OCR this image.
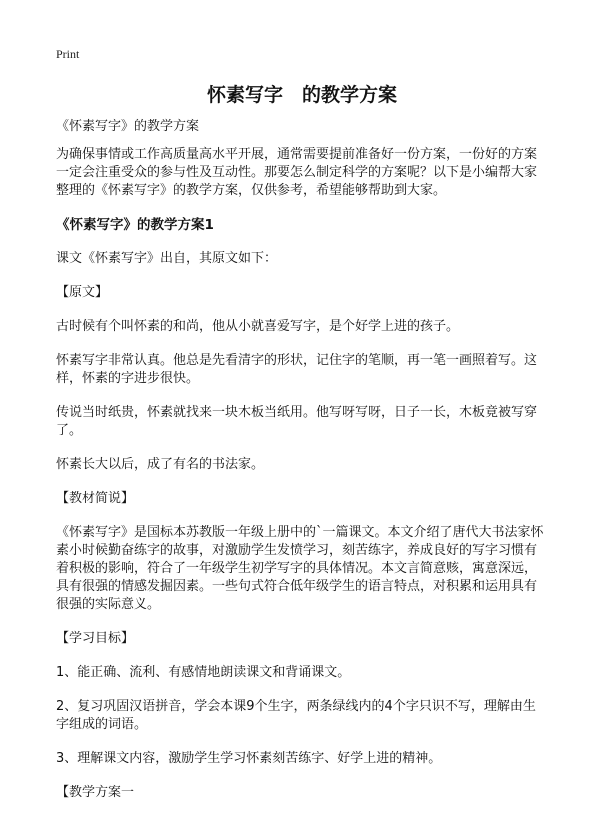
Print
怀素写字　的教学方案
《怀素写字》的教学方案
为确保事情或工作高质量高水平开展，通常需要提前准备好一份方案，一份好的方案一定会注重受众的参与性及互动性。那要怎么制定科学的方案呢？以下是小编帮大家整理的《怀素写字》的教学方案，仅供参考，希望能够帮助到大家。
《怀素写字》的教学方案1
课文《怀素写字》出自，其原文如下：
【原文】
古时候有个叫怀素的和尚，他从小就喜爱写字，是个好学上进的孩子。
怀素写字非常认真。他总是先看清字的形状，记住字的笔顺，再一笔一画照着写。这样，怀素的字进步很快。
传说当时纸贵，怀素就找来一块木板当纸用。他写呀写呀，日子一长，木板竟被写穿了。
怀素长大以后，成了有名的书法家。
【教材简说】
《怀素写字》是国标本苏教版一年级上册中的`一篇课文。本文介绍了唐代大书法家怀素小时候勤奋练字的故事，对激励学生发愤学习，刻苦练字，养成良好的写字习惯有着积极的影响，符合了一年级学生初学写字的具体情况。本文言简意赅，寓意深远，具有很强的情感发掘因素。一些句式符合低年级学生的语言特点，对积累和运用具有很强的实际意义。
【学习目标】
1、能正确、流利、有感情地朗读课文和背诵课文。
2、复习巩固汉语拼音，学会本课9个生字，两条绿线内的4个字只识不写，理解由生字组成的词语。
3、理解课文内容，激励学生学习怀素刻苦练字、好学上进的精神。
【教学方案一
